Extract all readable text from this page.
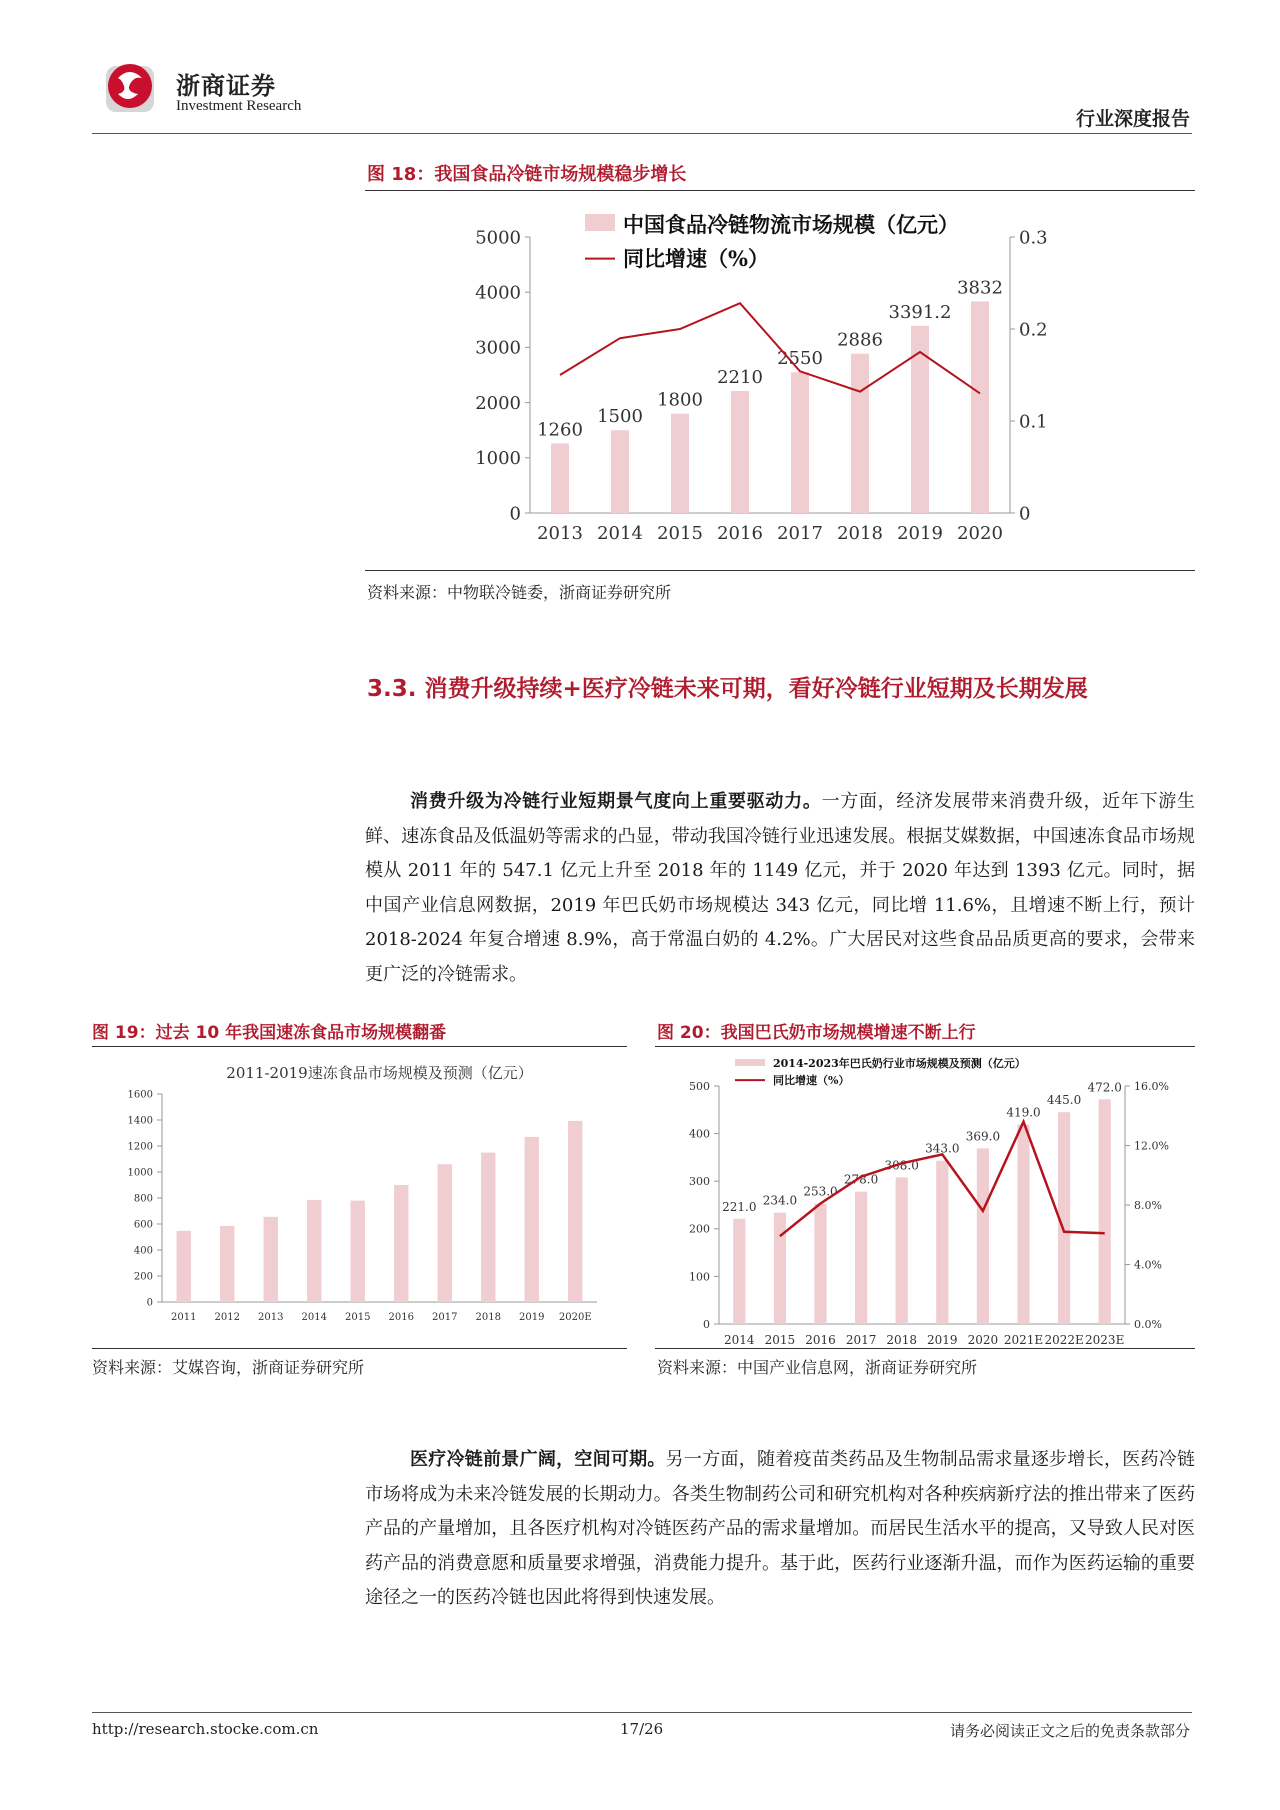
浙商证券
Investment Research
行业深度报告
图 18：我国食品冷链市场规模稳步增长
0
1000
2000
3000
4000
5000
0
0.1
0.2
0.3
2013
1260
2014
1500
2015
1800
2016
2210
2017
2550
2018
2886
2019
3391.2
2020
3832
中国食品冷链物流市场规模（亿元）
同比增速（%）
资料来源：中物联冷链委，浙商证券研究所
3.3. 消费升级持续+医疗冷链未来可期，看好冷链行业短期及长期发展
消费升级为冷链行业短期景气度向上重要驱动力。一方面，经济发展带来消费升级，近年下游生鲜、速冻食品及低温奶等需求的凸显，带动我国冷链行业迅速发展。根据艾媒数据，中国速冻食品市场规模从 2011 年的 547.1 亿元上升至 2018 年的 1149 亿元，并于 2020 年达到 1393 亿元。同时，据中国产业信息网数据，2019 年巴氏奶市场规模达 343 亿元，同比增 11.6%，且增速不断上行，预计 2018-2024 年复合增速 8.9%，高于常温白奶的 4.2%。广大居民对这些食品品质更高的要求，会带来更广泛的冷链需求。
图 19：过去 10 年我国速冻食品市场规模翻番
2011-2019速冻食品市场规模及预测（亿元）
0
200
400
600
800
1000
1200
1400
1600
2011 2012 2013 2014 2015 2016 2017 2018 2019 2020E
资料来源：艾媒咨询，浙商证券研究所
图 20：我国巴氏奶市场规模增速不断上行
0
100
200
300
400
500
0.0%
4.0%
8.0%
12.0%
16.0%
2014
221.0
2015
234.0
2016
253.0
2017
278.0
2018
308.0
2019
343.0
2020
369.0
2021E
419.0
2022E
445.0
2023E
472.0
2014-2023年巴氏奶行业市场规模及预测（亿元）
同比增速（%）
资料来源：中国产业信息网，浙商证券研究所
医疗冷链前景广阔，空间可期。另一方面，随着疫苗类药品及生物制品需求量逐步增长，医药冷链市场将成为未来冷链发展的长期动力。各类生物制药公司和研究机构对各种疾病新疗法的推出带来了医药产品的产量增加，且各医疗机构对冷链医药产品的需求量增加。而居民生活水平的提高，又导致人民对医药产品的消费意愿和质量要求增强，消费能力提升。基于此，医药行业逐渐升温，而作为医药运输的重要途径之一的医药冷链也因此将得到快速发展。
http://research.stocke.com.cn	17/26	请务必阅读正文之后的免责条款部分
